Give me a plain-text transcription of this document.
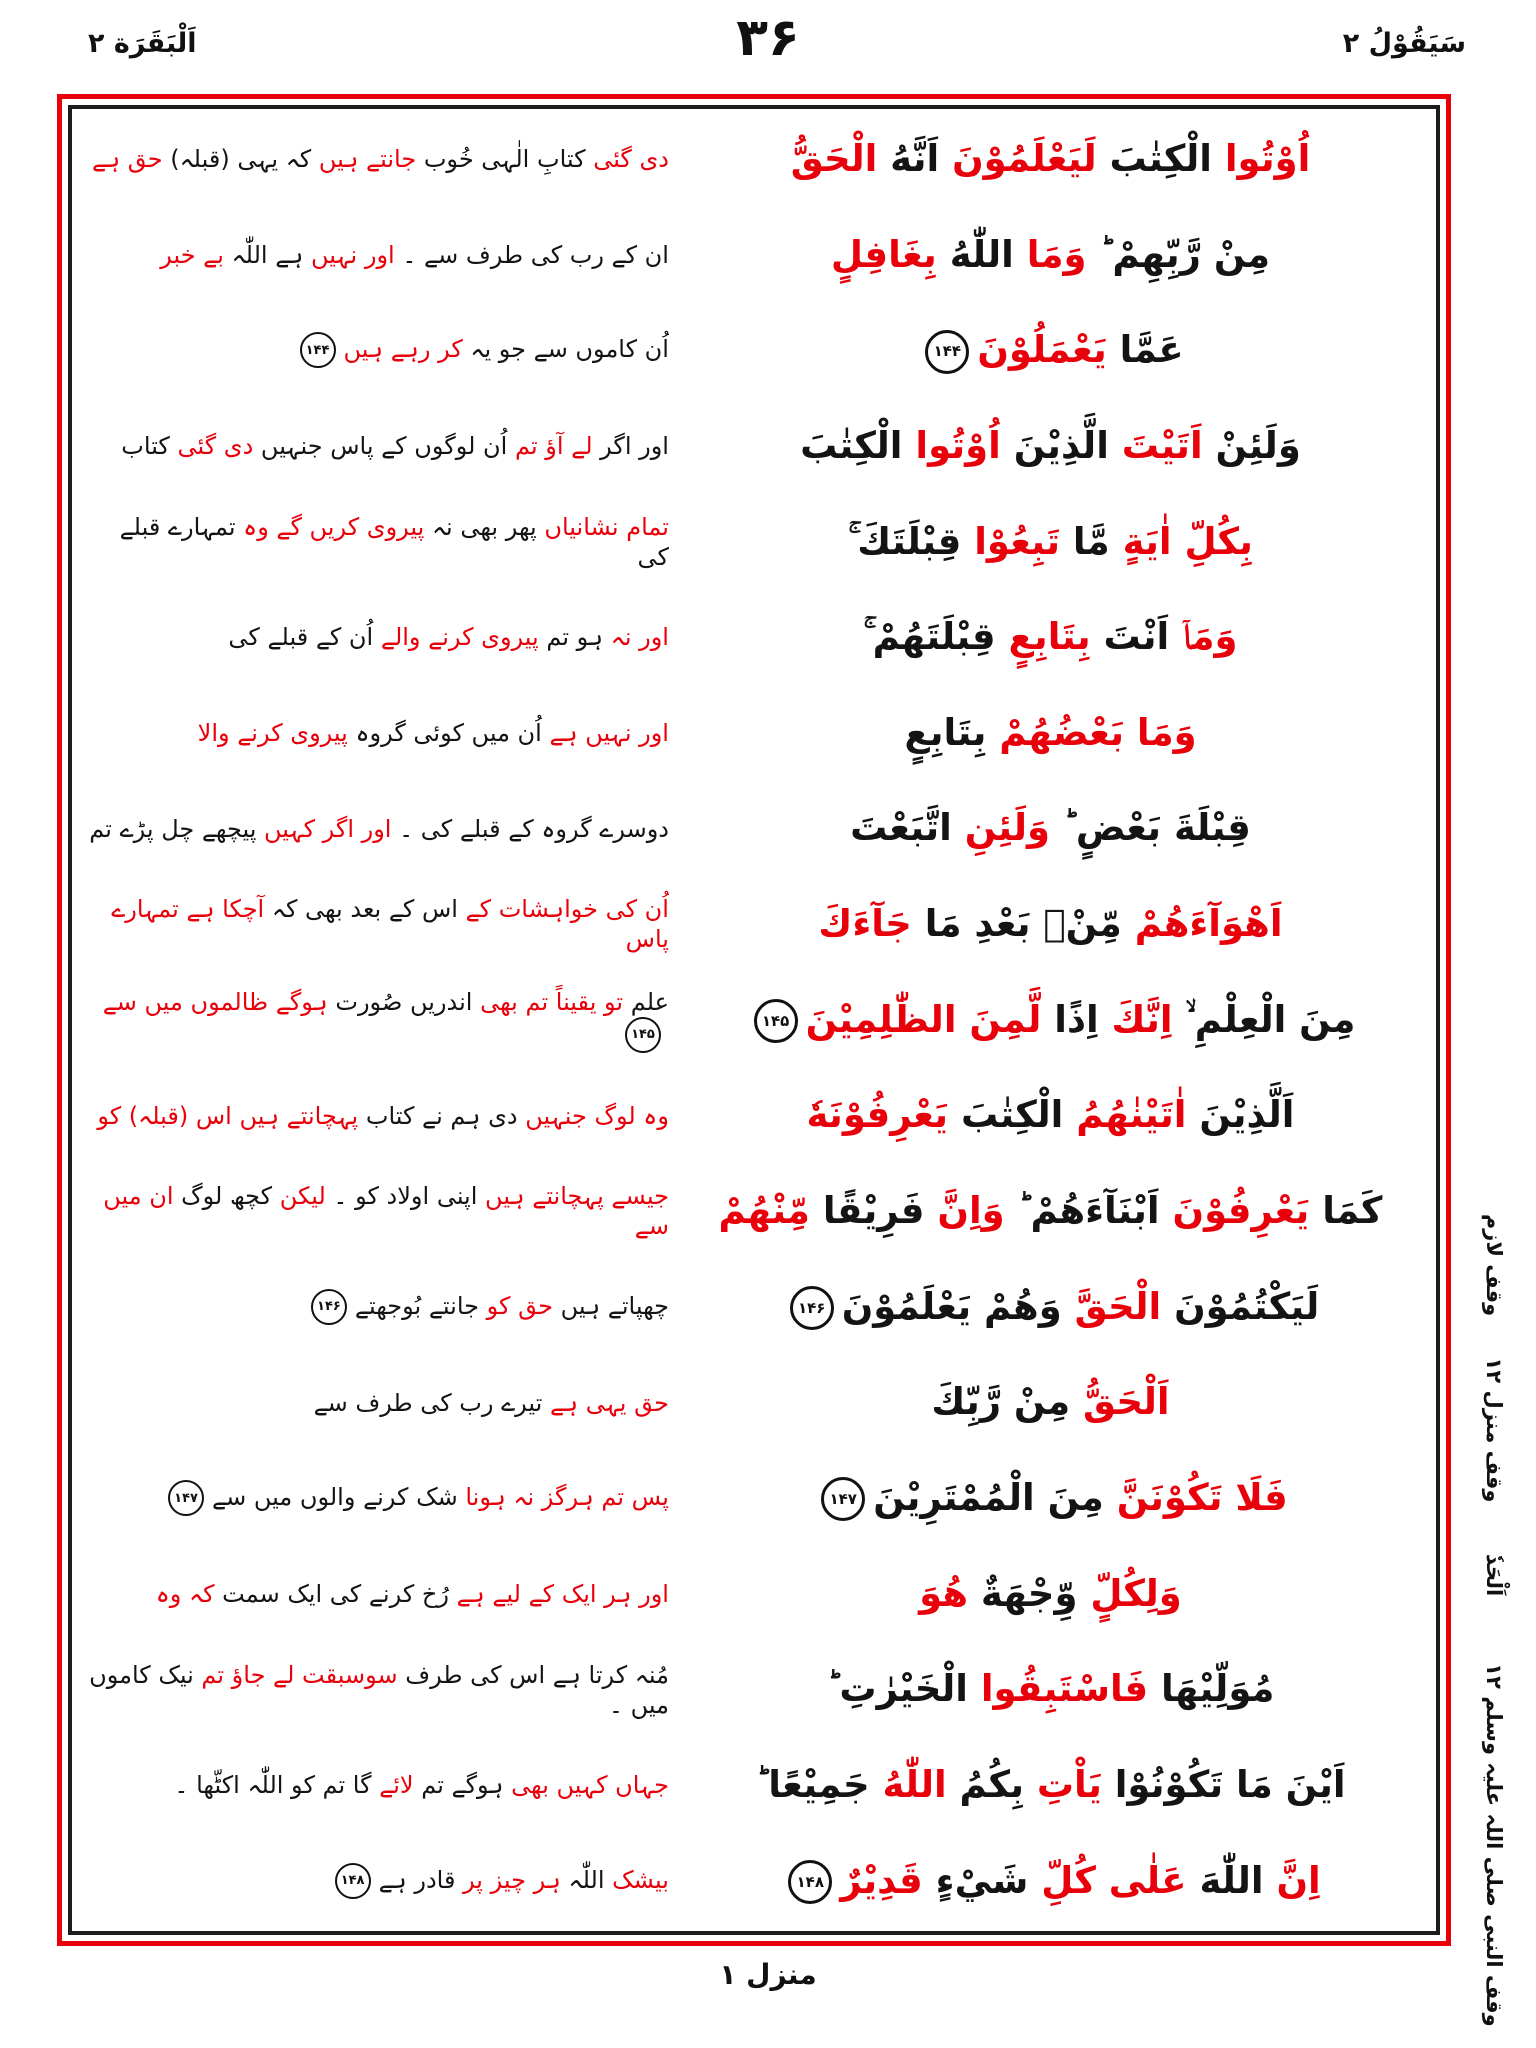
اَلْبَقَرَة ۲	۳۶	سَيَقُوْلُ ۲
اُوْتُوا الْكِتٰبَ لَيَعْلَمُوْنَ اَنَّهُ الْحَقُّ
دی گئی کتابِ الٰہی خُوب جانتے ہیں کہ یہی (قبلہ) حق ہے
مِنْ رَّبِّهِمْ ؕ وَمَا اللّٰهُ بِغَافِلٍ
ان کے رب کی طرف سے ۔ اور نہیں ہے اللّٰہ بے خبر
عَمَّا يَعْمَلُوْنَ۱۴۴
اُن کاموں سے جو یہ کر رہے ہیں۱۴۴
وَلَئِنْ اَتَيْتَ الَّذِيْنَ اُوْتُوا الْكِتٰبَ
اور اگر لے آؤ تم اُن لوگوں کے پاس جنہیں دی گئی کتاب
بِكُلِّ اٰيَةٍ مَّا تَبِعُوْا قِبْلَتَكَ ۚ
تمام نشانیاں پھر بھی نہ پیروی کریں گے وہ تمہارے قبلے کی
وَمَاۤ اَنْتَ بِتَابِعٍ قِبْلَتَهُمْ ۚ
اور نہ ہو تم پیروی کرنے والے اُن کے قبلے کی
وَمَا بَعْضُهُمْ بِتَابِعٍ
اور نہیں ہے اُن میں کوئی گروہ پیروی کرنے والا
قِبْلَةَ بَعْضٍ ؕ وَلَئِنِ اتَّبَعْتَ
دوسرے گروہ کے قبلے کی ۔ اور اگر کہیں پیچھے چل پڑے تم
اَهْوَآءَهُمْ مِّنْۢ بَعْدِ مَا جَآءَكَ
اُن کی خواہشات کے اس کے بعد بھی کہ آچکا ہے تمہارے پاس
مِنَ الْعِلْمِ ۙ اِنَّكَ اِذًا لَّمِنَ الظّٰلِمِيْنَ۱۴۵
علم تو یقیناً تم بھی اندریں صُورت ہوگے ظالموں میں سے۱۴۵
اَلَّذِيْنَ اٰتَيْنٰهُمُ الْكِتٰبَ يَعْرِفُوْنَهٗ
وہ لوگ جنہیں دی ہم نے کتاب پہچانتے ہیں اس (قبلہ) کو
كَمَا يَعْرِفُوْنَ اَبْنَآءَهُمْ ؕ وَاِنَّ فَرِيْقًا مِّنْهُمْ
جیسے پہچانتے ہیں اپنی اولاد کو ۔ لیکن کچھ لوگ ان میں سے
لَيَكْتُمُوْنَ الْحَقَّ وَهُمْ يَعْلَمُوْنَ۱۴۶
چھپاتے ہیں حق کو جانتے بُوجھتے۱۴۶
اَلْحَقُّ مِنْ رَّبِّكَ
حق یہی ہے تیرے رب کی طرف سے
فَلَا تَكُوْنَنَّ مِنَ الْمُمْتَرِيْنَ۱۴۷
پس تم ہرگز نہ ہونا شک کرنے والوں میں سے۱۴۷
وَلِكُلٍّ وِّجْهَةٌ هُوَ
اور ہر ایک کے لیے ہے رُخ کرنے کی ایک سمت کہ وہ
مُوَلِّيْهَا فَاسْتَبِقُوا الْخَيْرٰتِ ؕ
مُنہ کرتا ہے اس کی طرف سوسبقت لے جاؤ تم نیک کاموں میں ۔
اَيْنَ مَا تَكُوْنُوْا يَاْتِ بِكُمُ اللّٰهُ جَمِيْعًا ؕ
جہاں کہیں بھی ہوگے تم لائے گا تم کو اللّٰہ اکٹّھا ۔
اِنَّ اللّٰهَ عَلٰى كُلِّ شَيْءٍ قَدِيْرٌ۱۴۸
بیشک اللّٰہ ہر چیز پر قادر ہے۱۴۸
وقف لازم
وقف منزل ۱۲
اَلْحَدٗ
وقف النبی صلی اللہ علیہ وسلم ۱۲
منزل ۱
